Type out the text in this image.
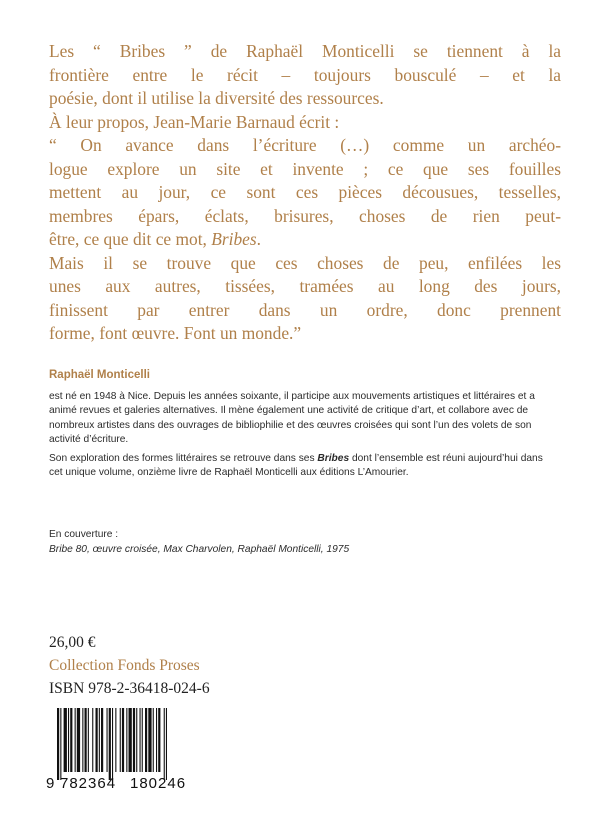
Les “ Bribes ” de Raphaël Monticelli se tiennent à la

frontière entre le récit – toujours bousculé – et la

poésie, dont il utilise la diversité des ressources.

À leur propos, Jean-Marie Barnaud écrit :

“ On avance dans l’écriture (…) comme un archéo-

logue explore un site et invente ; ce que ses fouilles

mettent au jour, ce sont ces pièces décousues, tesselles,

membres épars, éclats, brisures, choses de rien peut-

être, ce que dit ce mot, Bribes.

Mais il se trouve que ces choses de peu, enfilées les

unes aux autres, tissées, tramées au long des jours,

finissent par entrer dans un ordre, donc prennent

forme, font œuvre. Font un monde.”

Raphaël Monticelli

est né en 1948 à Nice. Depuis les années soixante, il participe aux mouvements artistiques et littéraires et a animé revues et galeries alternatives. Il mène également une activité de critique d’art, et collabore avec de nombreux artistes dans des ouvrages de bibliophilie et des œuvres croisées qui sont l’un des volets de son activité d’écriture.

Son exploration des formes littéraires se retrouve dans ses Bribes dont l’ensemble est réuni aujourd’hui dans cet unique volume, onzième livre de Raphaël Monticelli aux éditions L’Amourier.

En couverture :
Bribe 80, œuvre croisée, Max Charvolen, Raphaël Monticelli, 1975
26,00 €
Collection Fonds Proses
ISBN 978-2-36418-024-6
9 782364 180246
